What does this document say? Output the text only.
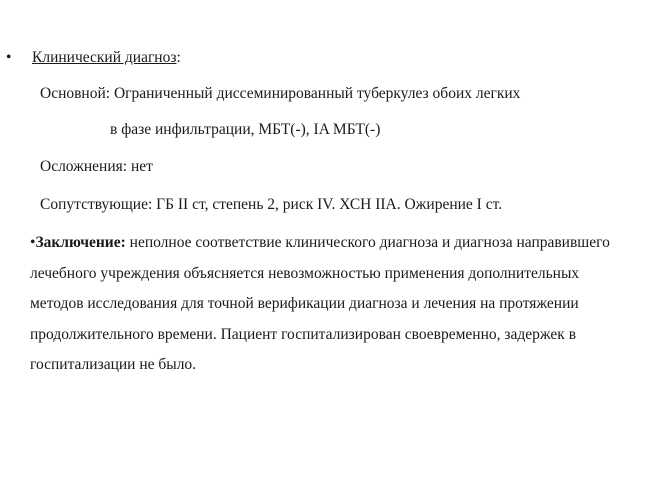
• Клинический диагноз:
Основной: Ограниченный диссеминированный туберкулез обоих легких
в фазе инфильтрации, МБТ(-), IA МБТ(-)
Осложнения: нет
Сопутствующие: ГБ II ст, степень 2, риск IV. ХСН IIА. Ожирение I ст.
•Заключение: неполное соответствие клинического диагноза и диагноза направившего
лечебного учреждения объясняется невозможностью применения дополнительных
методов исследования для точной верификации диагноза и лечения на протяжении
продолжительного времени. Пациент госпитализирован своевременно, задержек в
госпитализации не было.
